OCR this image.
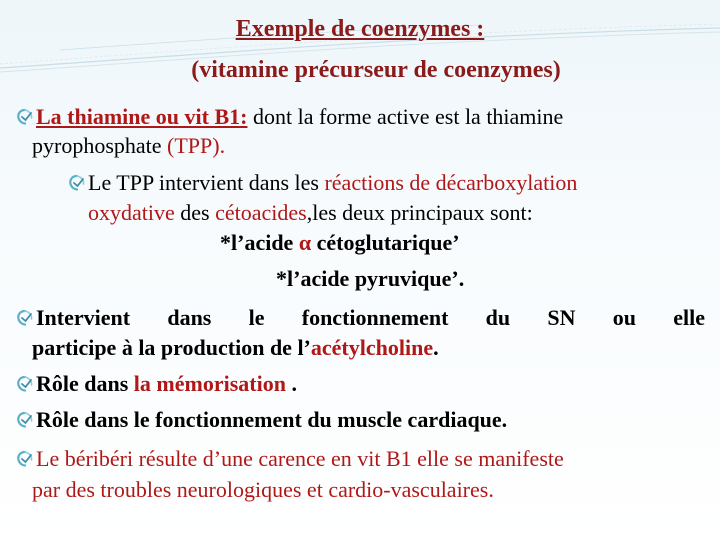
Exemple de coenzymes :
(vitamine précurseur de coenzymes)
La thiamine ou vit B1: dont la forme active est la thiamine
pyrophosphate (TPP).
Le TPP intervient dans les réactions de décarboxylation
oxydative des cétoacides,les deux principaux sont:
*l’acide α cétoglutarique’
*l’acide pyruvique’.
Intervient dans le fonctionnement du SN ou elle
participe à la production de l’acétylcholine.
Rôle dans la mémorisation .
Rôle dans le fonctionnement du muscle cardiaque.
Le béribéri résulte d’une carence en vit B1 elle se manifeste
par des troubles neurologiques et cardio-vasculaires.
